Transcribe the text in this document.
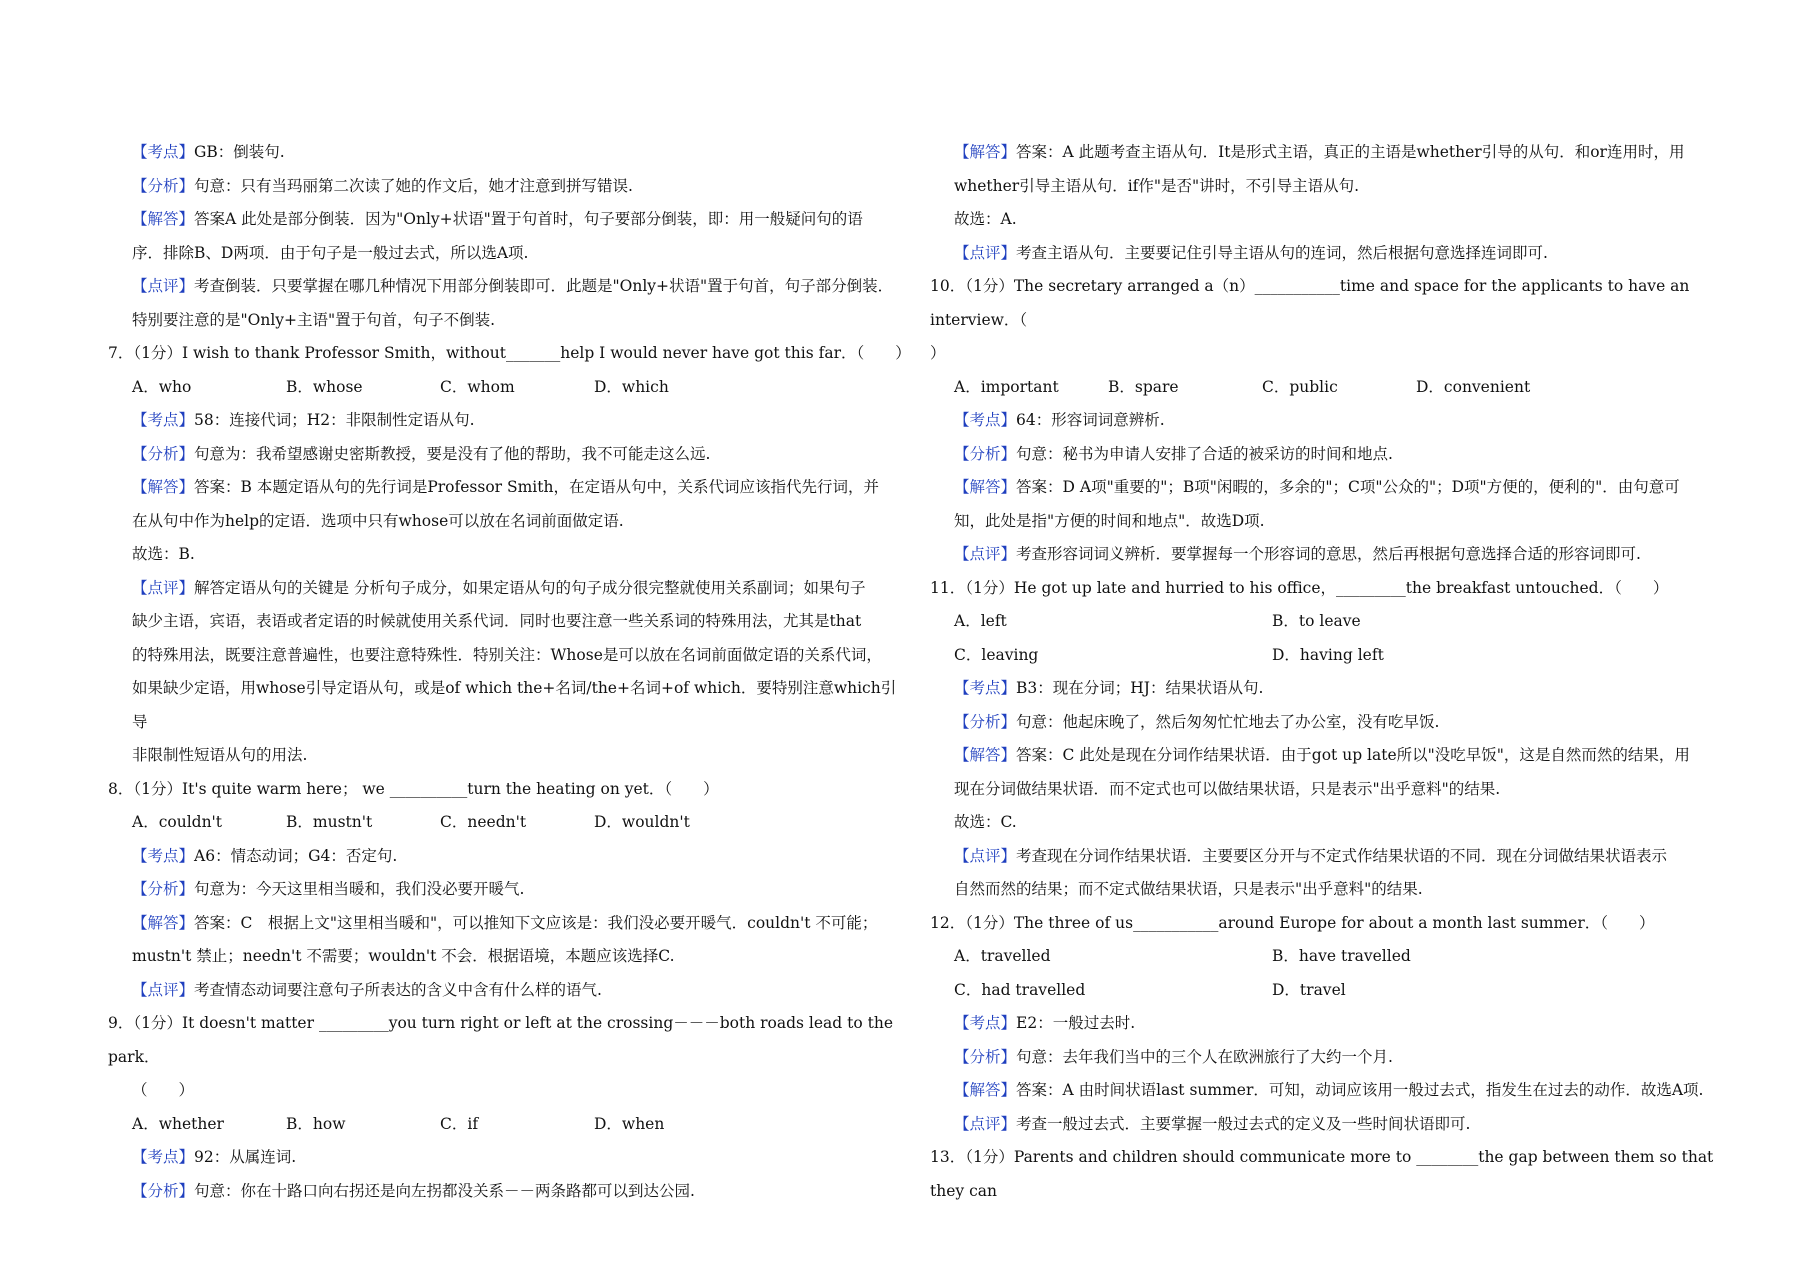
【考点】GB：倒装句.
【分析】句意：只有当玛丽第二次读了她的作文后，她才注意到拼写错误.
【解答】答案A 此处是部分倒装．因为"Only+状语"置于句首时，句子要部分倒装，即：用一般疑问句的语
序．排除B、D两项．由于句子是一般过去式，所以选A项.
【点评】考查倒装．只要掌握在哪几种情况下用部分倒装即可．此题是"Only+状语"置于句首，句子部分倒装．
特别要注意的是"Only+主语"置于句首，句子不倒装.
7．（1分）I wish to thank Professor Smith，without_______help I would never have got this far．（　　）
A．who	B．whose	C．whom	D．which
【考点】58：连接代词；H2：非限制性定语从句.
【分析】句意为：我希望感谢史密斯教授，要是没有了他的帮助，我不可能走这么远.
【解答】答案：B 本题定语从句的先行词是Professor Smith，在定语从句中，关系代词应该指代先行词，并
在从句中作为help的定语．选项中只有whose可以放在名词前面做定语.
故选：B.
【点评】解答定语从句的关键是 分析句子成分，如果定语从句的句子成分很完整就使用关系副词；如果句子
缺少主语，宾语，表语或者定语的时候就使用关系代词．同时也要注意一些关系词的特殊用法，尤其是that
的特殊用法，既要注意普遍性，也要注意特殊性．特别关注：Whose是可以放在名词前面做定语的关系代词，
如果缺少定语，用whose引导定语从句，或是of which the+名词/the+名词+of which．要特别注意which引导
非限制性短语从句的用法.
8．（1分）It's quite warm here； we __________turn the heating on yet．（　　）
A．couldn't	B．mustn't	C．needn't	D．wouldn't
【考点】A6：情态动词；G4：否定句.
【分析】句意为：今天这里相当暖和，我们没必要开暖气.
【解答】答案：C　根据上文"这里相当暖和"，可以推知下文应该是：我们没必要开暖气．couldn't 不可能；
mustn't 禁止；needn't 不需要；wouldn't 不会．根据语境，本题应该选择C.
【点评】考查情态动词要注意句子所表达的含义中含有什么样的语气.
9．（1分）It doesn't matter _________you turn right or left at the crossing－－－both roads lead to the park．
（　　）
A．whether	B．how	C．if	D．when
【考点】92：从属连词.
【分析】句意：你在十路口向右拐还是向左拐都没关系－－两条路都可以到达公园.
【解答】答案：A 此题考查主语从句．It是形式主语，真正的主语是whether引导的从句．和or连用时，用
whether引导主语从句．if作"是否"讲时，不引导主语从句.
故选：A.
【点评】考查主语从句．主要要记住引导主语从句的连词，然后根据句意选择连词即可.
10．（1分）The secretary arranged a（n）___________time and space for the applicants to have an interview．（
）
A．important	B．spare	C．public	D．convenient
【考点】64：形容词词意辨析.
【分析】句意：秘书为申请人安排了合适的被采访的时间和地点.
【解答】答案：D A项"重要的"；B项"闲暇的，多余的"；C项"公众的"；D项"方便的，便利的"．由句意可
知，此处是指"方便的时间和地点"．故选D项.
【点评】考查形容词词义辨析．要掌握每一个形容词的意思，然后再根据句意选择合适的形容词即可.
11．（1分）He got up late and hurried to his office，_________the breakfast untouched．（　　）
A．left	B．to leave
C．leaving	D．having left
【考点】B3：现在分词；HJ：结果状语从句.
【分析】句意：他起床晚了，然后匆匆忙忙地去了办公室，没有吃早饭.
【解答】答案：C 此处是现在分词作结果状语．由于got up late所以"没吃早饭"，这是自然而然的结果，用
现在分词做结果状语．而不定式也可以做结果状语，只是表示"出乎意料"的结果.
故选：C.
【点评】考查现在分词作结果状语．主要要区分开与不定式作结果状语的不同．现在分词做结果状语表示
自然而然的结果；而不定式做结果状语，只是表示"出乎意料"的结果.
12．（1分）The three of us___________around Europe for about a month last summer．（　　）
A．travelled	B．have travelled
C．had travelled	D．travel
【考点】E2：一般过去时.
【分析】句意：去年我们当中的三个人在欧洲旅行了大约一个月.
【解答】答案：A 由时间状语last summer．可知，动词应该用一般过去式，指发生在过去的动作．故选A项.
【点评】考查一般过去式．主要掌握一般过去式的定义及一些时间状语即可.
13．（1分）Parents and children should communicate more to ________the gap between them so that they can
